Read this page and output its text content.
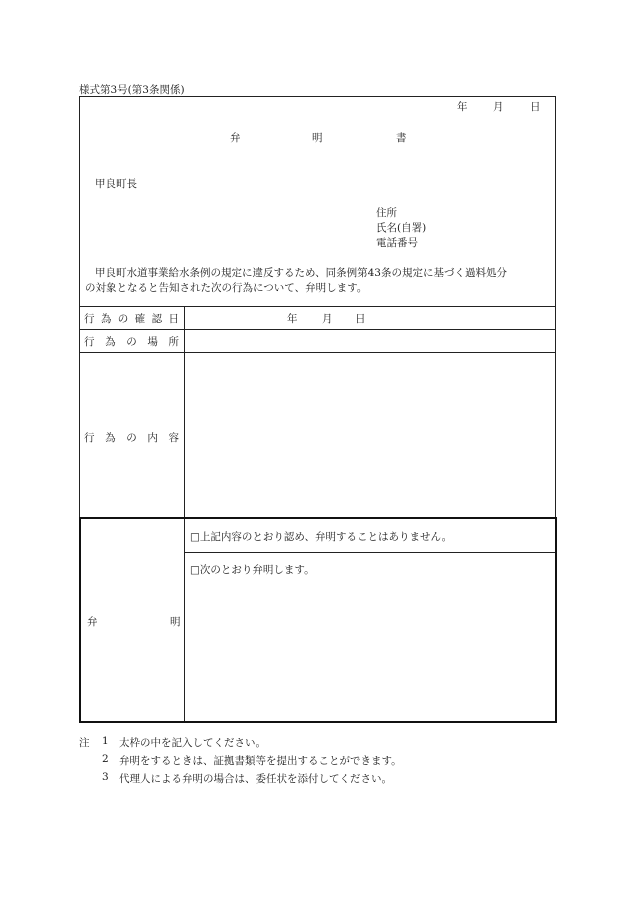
様式第3号(第3条関係)
年 月	日
弁	明	書
甲良町長
住所
氏名(自署)
電話番号
甲良町水道事業給水条例の規定に違反するため、同条例第43条の規定に基づく過料処分
の対象となると告知された次の行為について、弁明します。
行 為 の 確 認 日	年 月 日
行 為 の 場 所
行 為 の 内 容
弁	明
□上記内容のとおり認め、弁明することはありません。
□次のとおり弁明します。
注 1 太枠の中を記入してください。
2 弁明をするときは、証拠書類等を提出することができます。
3 代理人による弁明の場合は、委任状を添付してください。
